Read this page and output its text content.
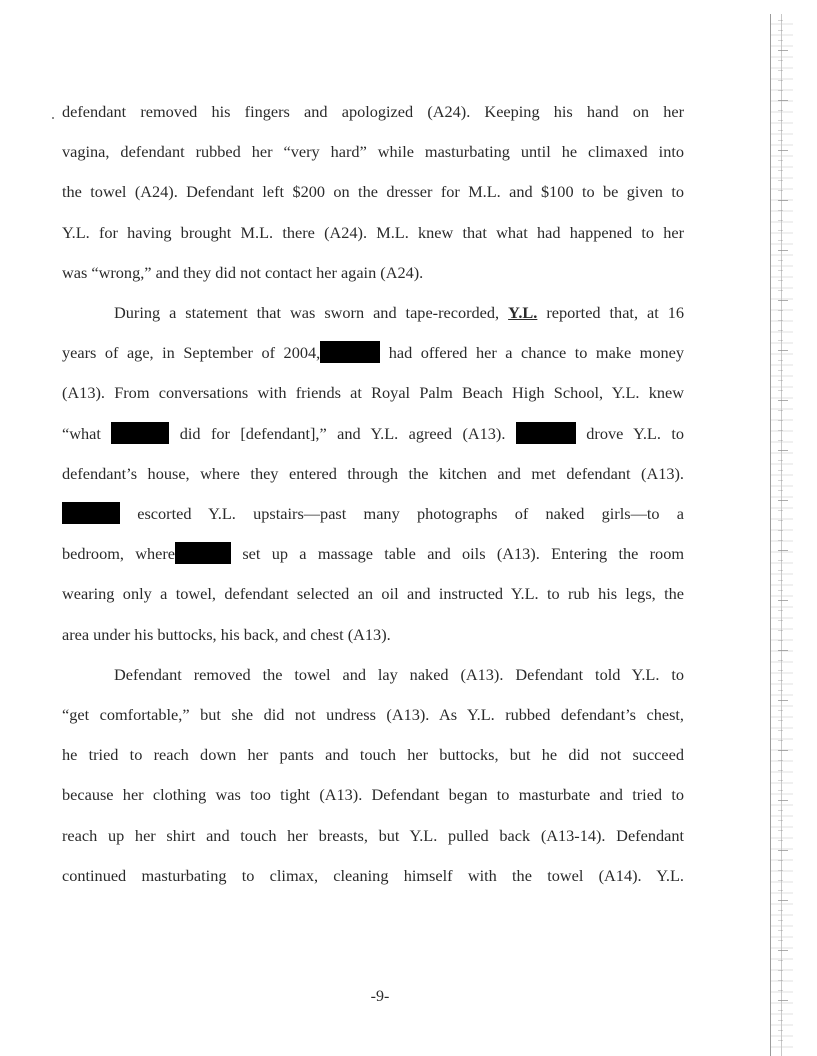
defendant removed his fingers and apologized (A24). Keeping his hand on her
vagina, defendant rubbed her “very hard” while masturbating until he climaxed into
the towel (A24). Defendant left $200 on the dresser for M.L. and $100 to be given to
Y.L. for having brought M.L. there (A24). M.L. knew that what had happened to her
was “wrong,” and they did not contact her again (A24).
During a statement that was sworn and tape-recorded, Y.L. reported that, at 16
years of age, in September of 2004,	had offered her a chance to make money
(A13). From conversations with friends at Royal Palm Beach High School, Y.L. knew
“what	did for [defendant],” and Y.L. agreed (A13).	drove Y.L. to
defendant’s house, where they entered through the kitchen and met defendant (A13).
escorted Y.L. upstairs—past many photographs of naked girls—to a
bedroom, where	set up a massage table and oils (A13). Entering the room
wearing only a towel, defendant selected an oil and instructed Y.L. to rub his legs, the
area under his buttocks, his back, and chest (A13).
Defendant removed the towel and lay naked (A13). Defendant told Y.L. to
“get comfortable,” but she did not undress (A13). As Y.L. rubbed defendant’s chest,
he tried to reach down her pants and touch her buttocks, but he did not succeed
because her clothing was too tight (A13). Defendant began to masturbate and tried to
reach up her shirt and touch her breasts, but Y.L. pulled back (A13-14). Defendant
continued masturbating to climax, cleaning himself with the towel (A14). Y.L.
-9-
